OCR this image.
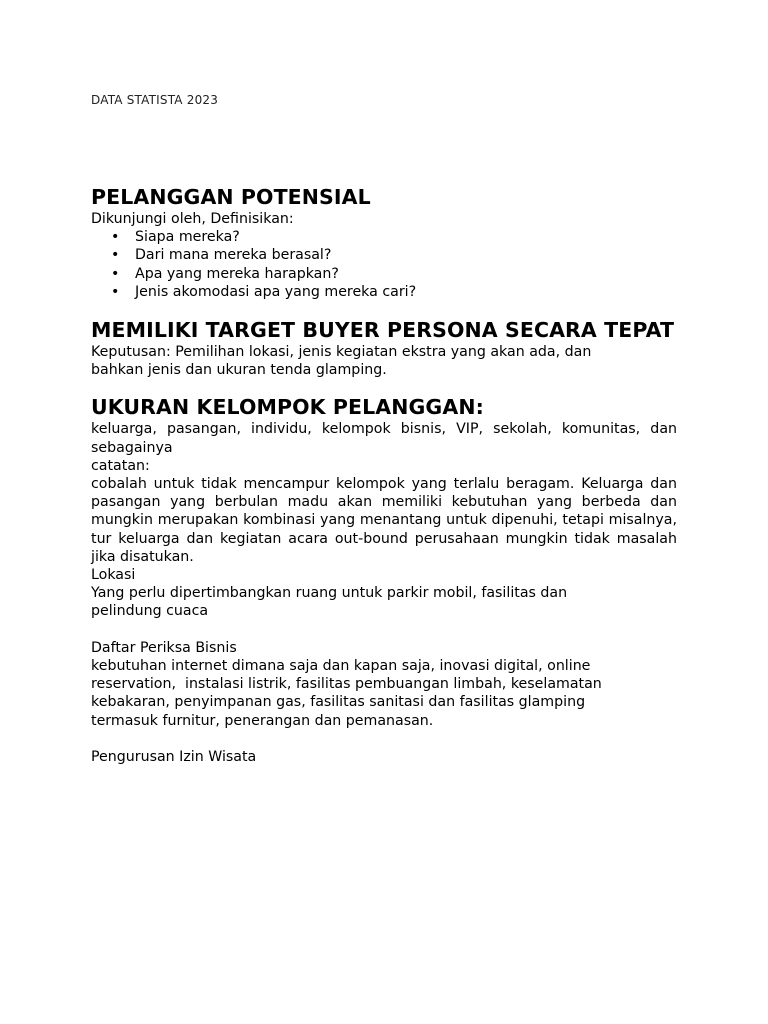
DATA STATISTA 2023
PELANGGAN POTENSIAL

Dikunjungi oleh, Definisikan:

• Siapa mereka?
• Dari mana mereka berasal?
• Apa yang mereka harapkan?
• Jenis akomodasi apa yang mereka cari?
MEMILIKI TARGET BUYER PERSONA SECARA TEPAT

Keputusan: Pemilihan lokasi, jenis kegiatan ekstra yang akan ada, dan

bahkan jenis dan ukuran tenda glamping.

UKURAN KELOMPOK PELANGGAN:

keluarga, pasangan, individu, kelompok bisnis, VIP, sekolah, komunitas, dan sebagainya

catatan:

cobalah untuk tidak mencampur kelompok yang terlalu beragam. Keluarga dan pasangan yang berbulan madu akan memiliki kebutuhan yang berbeda dan mungkin merupakan kombinasi yang menantang untuk dipenuhi, tetapi misalnya, tur keluarga dan kegiatan acara out-bound perusahaan mungkin tidak masalah jika disatukan.

Lokasi

Yang perlu dipertimbangkan ruang untuk parkir mobil, fasilitas dan

pelindung cuaca

Daftar Periksa Bisnis

kebutuhan internet dimana saja dan kapan saja, inovasi digital, online

reservation,  instalasi listrik, fasilitas pembuangan limbah, keselamatan

kebakaran, penyimpanan gas, fasilitas sanitasi dan fasilitas glamping

termasuk furnitur, penerangan dan pemanasan.

Pengurusan Izin Wisata
